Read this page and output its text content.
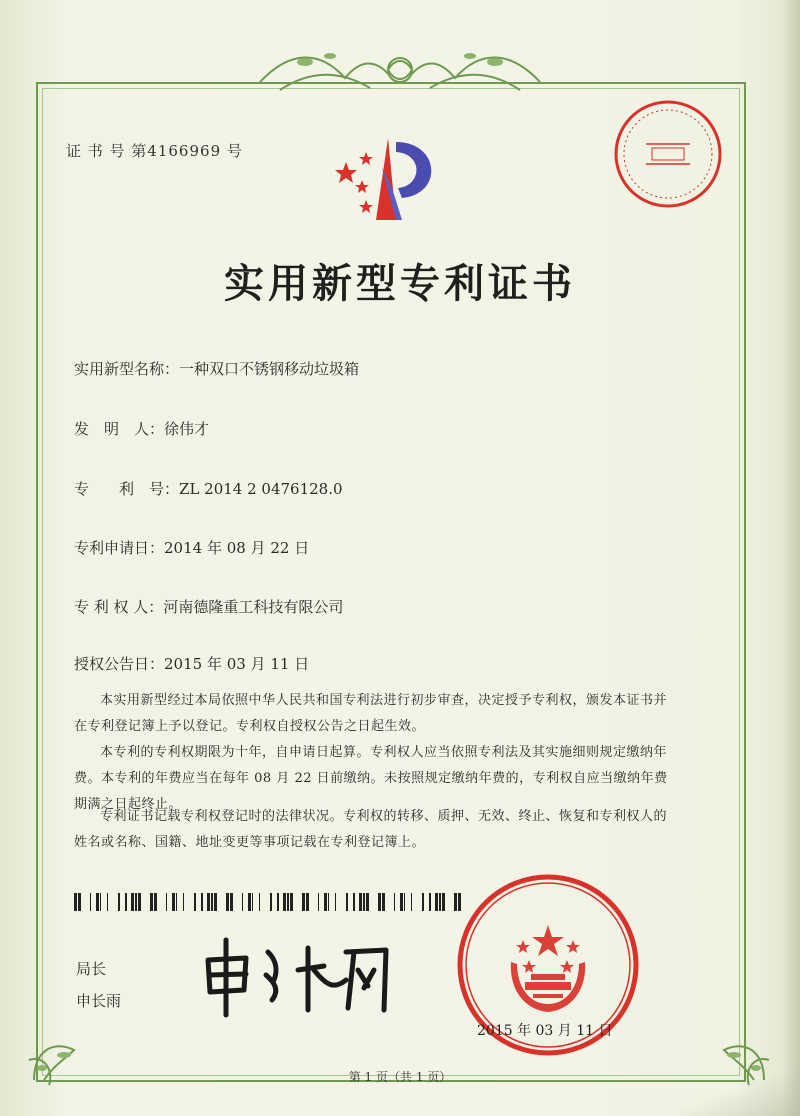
证 书 号 第4166969 号
实用新型专利证书
实用新型名称：一种双口不锈钢移动垃圾箱
发　明　人：徐伟才
专　　利　号：ZL 2014 2 0476128.0
专利申请日：2014 年 08 月 22 日
专 利 权 人：河南德隆重工科技有限公司
授权公告日：2015 年 03 月 11 日
本实用新型经过本局依照中华人民共和国专利法进行初步审查，决定授予专利权，颁发本证书并在专利登记簿上予以登记。专利权自授权公告之日起生效。
本专利的专利权期限为十年，自申请日起算。专利权人应当依照专利法及其实施细则规定缴纳年费。本专利的年费应当在每年 08 月 22 日前缴纳。未按照规定缴纳年费的，专利权自应当缴纳年费期满之日起终止。
专利证书记载专利权登记时的法律状况。专利权的转移、质押、无效、终止、恢复和专利权人的姓名或名称、国籍、地址变更等事项记载在专利登记簿上。
局长
申长雨
2015 年 03 月 11 日
第 1 页（共 1 页）
